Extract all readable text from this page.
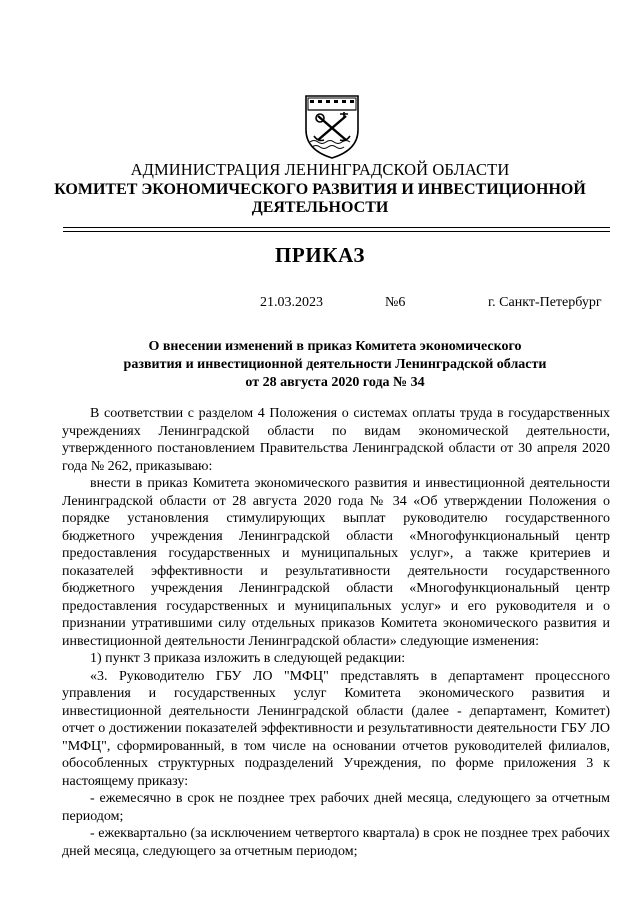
АДМИНИСТРАЦИЯ ЛЕНИНГРАДСКОЙ ОБЛАСТИ
КОМИТЕТ ЭКОНОМИЧЕСКОГО РАЗВИТИЯ И ИНВЕСТИЦИОННОЙ
ДЕЯТЕЛЬНОСТИ
ПРИКАЗ
21.03.2023	№6	г. Санкт-Петербург
О внесении изменений в приказ Комитета экономического
развития и инвестиционной деятельности Ленинградской области
от 28 августа 2020 года № 34

В соответствии с разделом 4 Положения о системах оплаты труда в государственных учреждениях Ленинградской области по видам экономической деятельности, утвержденного постановлением Правительства Ленинградской области от 30 апреля 2020 года № 262, приказываю:

внести в приказ Комитета экономического развития и инвестиционной деятельности Ленинградской области от 28 августа 2020 года № 34 «Об утверждении Положения о порядке установления стимулирующих выплат руководителю государственного бюджетного учреждения Ленинградской области «Многофункциональный центр предоставления государственных и муниципальных услуг», а также критериев и показателей эффективности и результативности деятельности государственного бюджетного учреждения Ленинградской области «Многофункциональный центр предоставления государственных и муниципальных услуг» и его руководителя и о признании утратившими силу отдельных приказов Комитета экономического развития и инвестиционной деятельности Ленинградской области» следующие изменения:

1) пункт 3 приказа изложить в следующей редакции:

«3. Руководителю ГБУ ЛО "МФЦ" представлять в департамент процессного управления и государственных услуг Комитета экономического развития и инвестиционной деятельности Ленинградской области (далее - департамент, Комитет) отчет о достижении показателей эффективности и результативности деятельности ГБУ ЛО "МФЦ", сформированный, в том числе на основании отчетов руководителей филиалов, обособленных структурных подразделений Учреждения, по форме приложения 3 к настоящему приказу:

- ежемесячно в срок не позднее трех рабочих дней месяца, следующего за отчетным периодом;

- ежеквартально (за исключением четвертого квартала) в срок не позднее трех рабочих дней месяца, следующего за отчетным периодом;
